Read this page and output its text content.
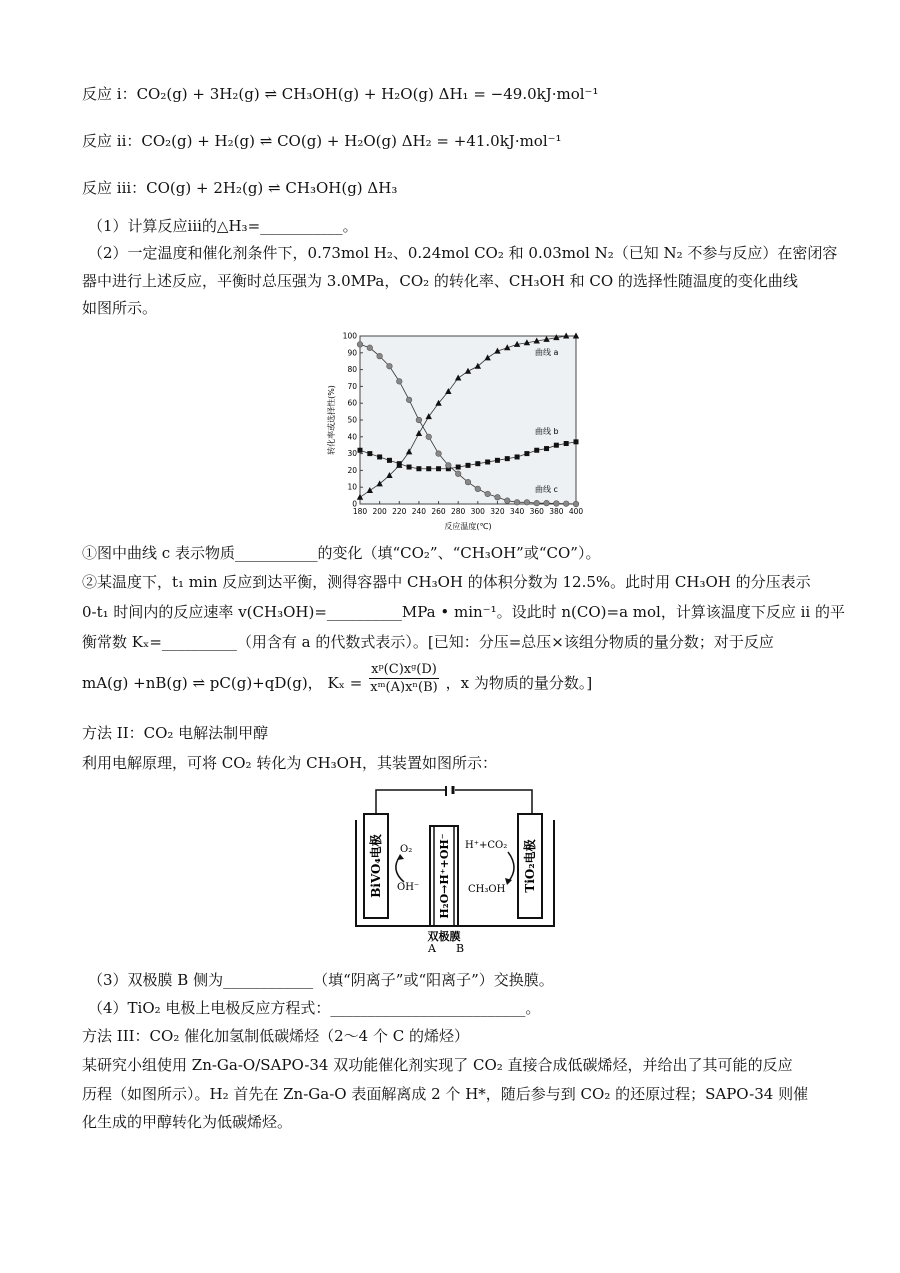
反应 i：CO₂(g) + 3H₂(g) ⇌ CH₃OH(g) + H₂O(g) ΔH₁ = −49.0kJ·mol⁻¹
反应 ii：CO₂(g) + H₂(g) ⇌ CO(g) + H₂O(g) ΔH₂ = +41.0kJ·mol⁻¹
反应 iii：CO(g) + 2H₂(g) ⇌ CH₃OH(g) ΔH₃
（1）计算反应iii的△H₃=___________。
（2）一定温度和催化剂条件下，0.73mol H₂、0.24mol CO₂ 和 0.03mol N₂（已知 N₂ 不参与反应）在密闭容
器中进行上述反应，平衡时总压强为 3.0MPa，CO₂ 的转化率、CH₃OH 和 CO 的选择性随温度的变化曲线
如图所示。
180 200 220 240 260 280 300 320 340 360 380 400
0
10
20
30
40
50
60
70
80
90
100
转化率或选择性(%)
反应温度(℃)
曲线 a
曲线 b
曲线 c
①图中曲线 c 表示物质___________的变化（填“CO₂”、“CH₃OH”或“CO”）。
②某温度下，t₁ min 反应到达平衡，测得容器中 CH₃OH 的体积分数为 12.5%。此时用 CH₃OH 的分压表示
0-t₁ 时间内的反应速率 v(CH₃OH)=__________MPa • min⁻¹。设此时 n(CO)=a mol，计算该温度下反应 ii 的平
衡常数 Kₓ=__________（用含有 a 的代数式表示）。[已知：分压=总压×该组分物质的量分数；对于反应
mA(g) +nB(g) ⇌ pC(g)+qD(g)， $K_x = \frac{\text{xᵖ(C)xᵍ(D)}}{\text{xᵐ(A)xⁿ(B)}}$ ，x 为物质的量分数。]
方法 II：CO₂ 电解法制甲醇
利用电解原理，可将 CO₂ 转化为 CH₃OH，其装置如图所示：
BiVO₄电极	TiO₂电极
H₂O→H⁺+OH⁻
O₂
OH⁻
H⁺+CO₂
CH₃OH
双极膜
A B
（3）双极膜 B 侧为____________（填“阴离子”或“阳离子”）交换膜。
（4）TiO₂ 电极上电极反应方程式：__________________________。
方法 III：CO₂ 催化加氢制低碳烯烃（2～4 个 C 的烯烃）
某研究小组使用 Zn-Ga-O/SAPO-34 双功能催化剂实现了 CO₂ 直接合成低碳烯烃，并给出了其可能的反应
历程（如图所示）。H₂ 首先在 Zn-Ga-O 表面解离成 2 个 H*，随后参与到 CO₂ 的还原过程；SAPO-34 则催
化生成的甲醇转化为低碳烯烃。
